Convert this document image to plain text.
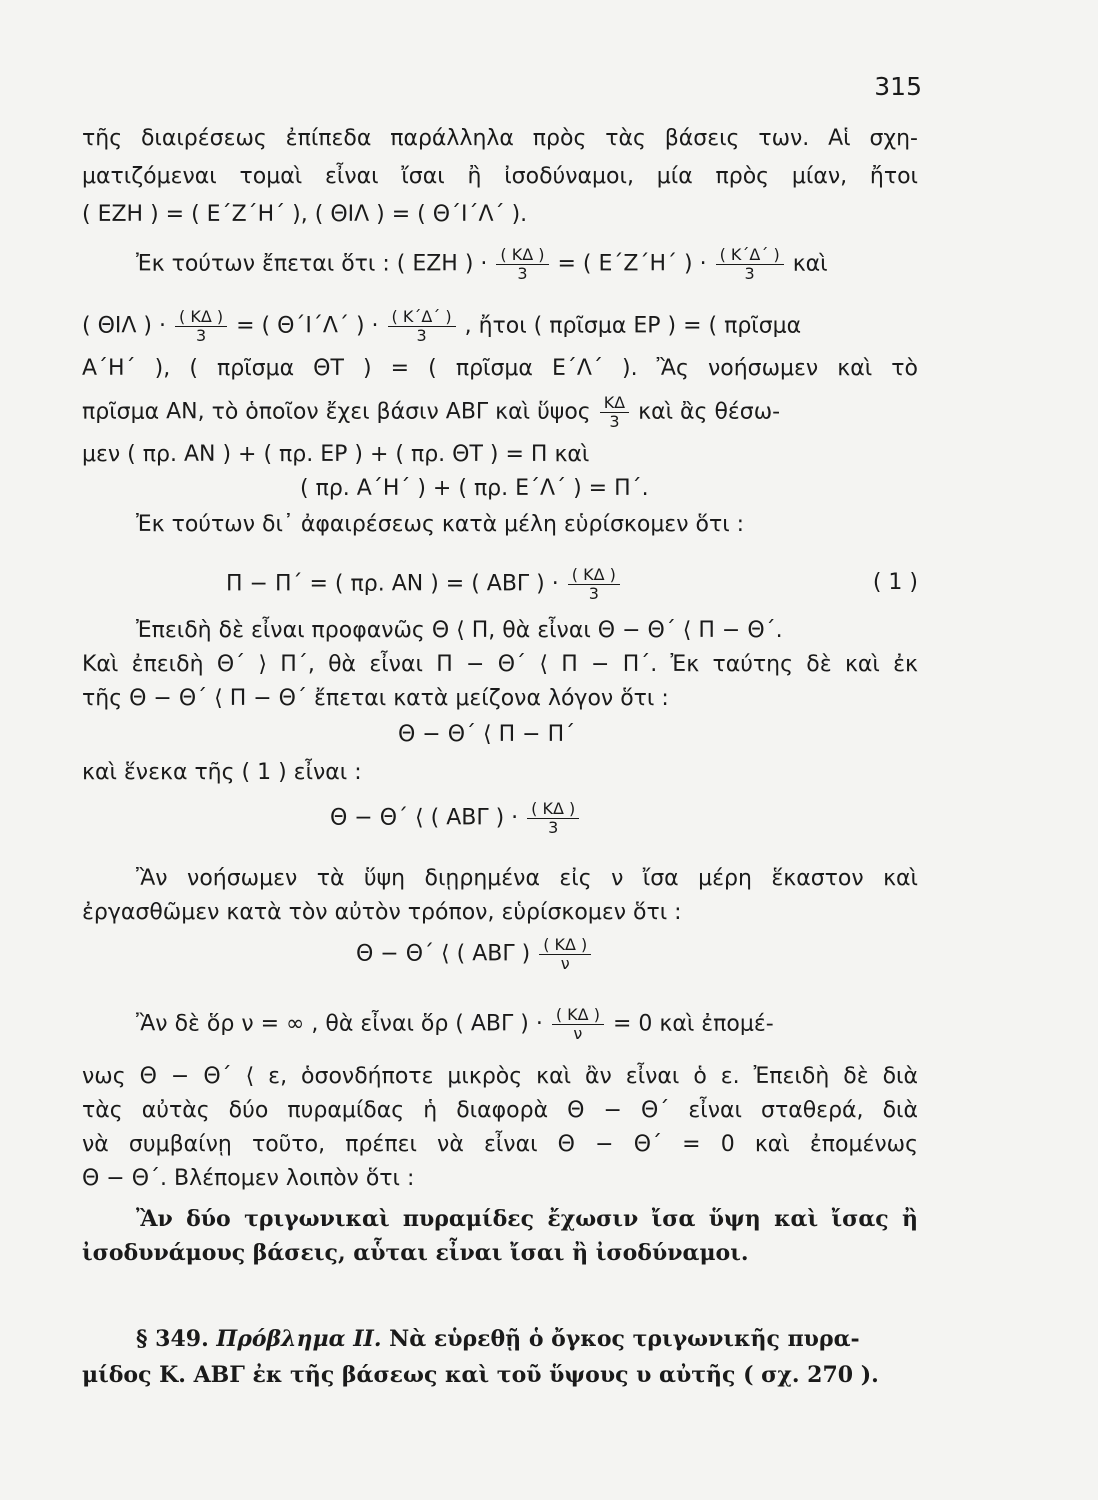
315
τῆς διαιρέσεως ἐπίπεδα παράλληλα πρὸς τὰς βάσεις των. Αἱ σχη-
ματιζόμεναι τομαὶ εἶναι ἴσαι ἢ ἰσοδύναμοι, μία πρὸς μίαν, ἤτοι
( ΕΖΗ ) = ( Ε΄Ζ΄Η΄ ), ( ΘΙΛ ) = ( Θ΄Ι΄Λ΄ ).
Ἐκ τούτων ἔπεται ὅτι : ( ΕΖΗ ) · $\frac{( K\Delta )}{3}$ = ( Ε΄Ζ΄Η΄ ) · $\frac{( K΄\Delta΄ )}{3}$ καὶ
( ΘΙΛ ) · $\frac{( K\Delta )}{3}$ = ( Θ΄Ι΄Λ΄ ) · $\frac{( K΄\Delta΄ )}{3}$ , ἤτοι ( πρῖσμα ΕΡ ) = ( πρῖσμα
Α΄Η΄ ), ( πρῖσμα ΘΤ ) = ( πρῖσμα Ε΄Λ΄ ). Ἂς νοήσωμεν καὶ τὸ
πρῖσμα ΑΝ, τὸ ὁποῖον ἔχει βάσιν ΑΒΓ καὶ ὕψος $\frac{K\Delta}{3}$ καὶ ἂς θέσω-
μεν ( πρ. ΑΝ ) + ( πρ. ΕΡ ) + ( πρ. ΘΤ ) = Π καὶ
( πρ. Α΄Η΄ ) + ( πρ. Ε΄Λ΄ ) = Π΄.
Ἐκ τούτων δι᾽ ἀφαιρέσεως κατὰ μέλη εὑρίσκομεν ὅτι :
Π − Π΄ = ( πρ. ΑΝ ) = ( ΑΒΓ ) · $\frac{( K\Delta )}{3}$	( 1 )
Ἐπειδὴ δὲ εἶναι προφανῶς Θ ⟨ Π, θὰ εἶναι Θ − Θ΄ ⟨ Π − Θ΄.
Καὶ ἐπειδὴ Θ΄ ⟩ Π΄, θὰ εἶναι Π − Θ΄ ⟨ Π − Π΄. Ἐκ ταύτης δὲ καὶ ἐκ
τῆς Θ − Θ΄ ⟨ Π − Θ΄ ἔπεται κατὰ μείζονα λόγον ὅτι :
Θ − Θ΄ ⟨ Π − Π΄
καὶ ἕνεκα τῆς ( 1 ) εἶναι :
Θ − Θ΄ ⟨ ( ΑΒΓ ) · $\frac{( K\Delta )}{3}$
Ἂν νοήσωμεν τὰ ὕψη διῃρημένα εἰς ν ἴσα μέρη ἕκαστον καὶ
ἐργασθῶμεν κατὰ τὸν αὐτὸν τρόπον, εὑρίσκομεν ὅτι :
Θ − Θ΄ ⟨ ( ΑΒΓ ) $\frac{( K\Delta )}{\nu}$
Ἂν δὲ ὅρ ν = ∞ , θὰ εἶναι ὅρ ( ΑΒΓ ) · $\frac{( K\Delta )}{\nu} = 0$ καὶ ἐπομέ-
νως Θ − Θ΄ ⟨ ε, ὁσονδήποτε μικρὸς καὶ ἂν εἶναι ὁ ε. Ἐπειδὴ δὲ διὰ
τὰς αὐτὰς δύο πυραμίδας ἡ διαφορὰ Θ − Θ΄ εἶναι σταθερά, διὰ
νὰ συμβαίνῃ τοῦτο, πρέπει νὰ εἶναι Θ − Θ΄ = 0 καὶ ἐπομένως
Θ − Θ΄. Βλέπομεν λοιπὸν ὅτι :
Ἂν δύο τριγωνικαὶ πυραμίδες ἔχωσιν ἴσα ὕψη καὶ ἴσας ἢ
ἰσοδυνάμους βάσεις, αὗται εἶναι ἴσαι ἢ ἰσοδύναμοι.
§ 349. Πρόβλημα ΙΙ. Νὰ εὑρεθῇ ὁ ὄγκος τριγωνικῆς πυρα-
μίδος Κ. ΑΒΓ ἐκ τῆς βάσεως καὶ τοῦ ὕψους υ αὐτῆς ( σχ. 270 ).
